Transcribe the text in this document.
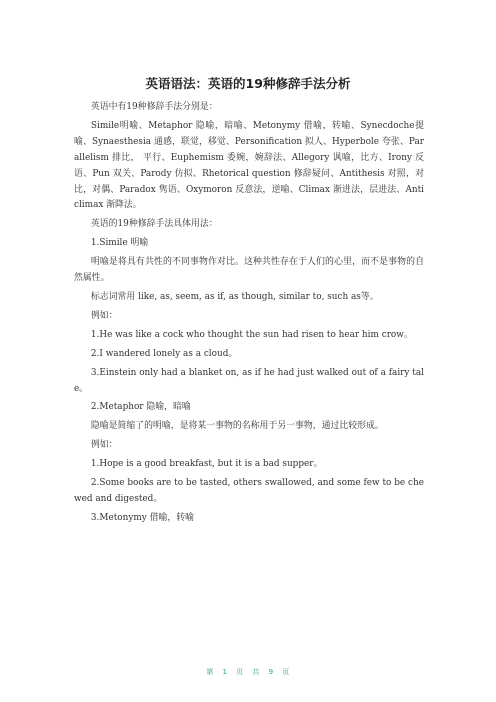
英语语法：英语的19种修辞手法分析

英语中有19种修辞手法分别是：

Simile明喻、Metaphor 隐喻，暗喻、Metonymy 借喻，转喻、Synecdoche提喻、Synaesthesia 通感，联觉，移觉、Personification 拟人、Hyperbole 夸张、Parallelism 排比， 平行、Euphemism 委婉，婉辞法、Allegory 讽喻，比方、Irony 反语、Pun 双关、Parody 仿拟、Rhetorical question 修辞疑问、Antithesis 对照，对比，对偶、Paradox 隽语、Oxymoron 反意法，逆喻、Climax 渐进法，层进法、Anticlimax 渐降法。

英语的19种修辞手法具体用法：

1.Simile 明喻

明喻是将具有共性的不同事物作对比。这种共性存在于人们的心里，而不是事物的自然属性。

标志词常用 like, as, seem, as if, as though, similar to, such as等。

例如：

1.He was like a cock who thought the sun had risen to hear him crow。

2.I wandered lonely as a cloud。

3.Einstein only had a blanket on, as if he had just walked out of a fairy tale。

2.Metaphor 隐喻，暗喻

隐喻是简缩了的明喻，是将某一事物的名称用于另一事物，通过比较形成。

例如：

1.Hope is a good breakfast, but it is a bad supper。

2.Some books are to be tasted, others swallowed, and some few to be chewed and digested。

3.Metonymy 借喻，转喻

第 1 页 共 9 页
